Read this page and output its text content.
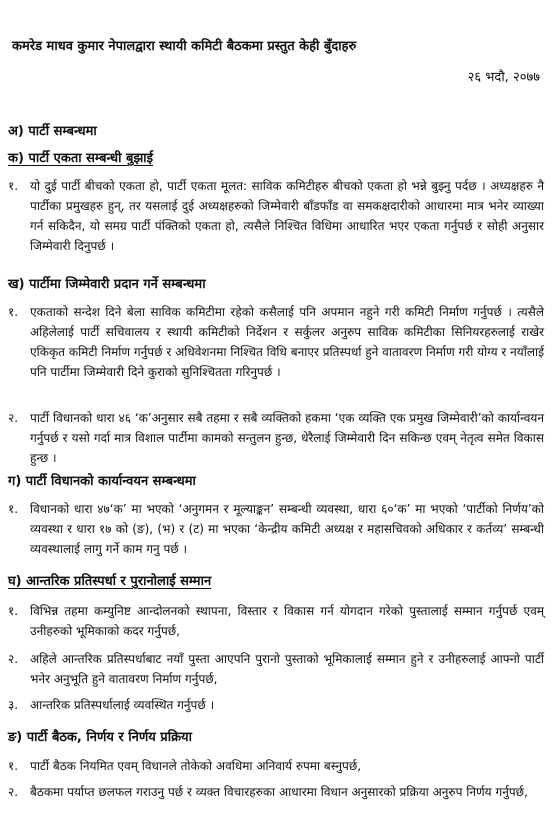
कमरेड माधव कुमार नेपालद्वारा स्थायी कमिटी बैठकमा प्रस्तुत केही बुँदाहरु
२६ भदौ, २०७७
अ) पार्टी सम्बन्धमा
क) पार्टी एकता सम्बन्धी बुझाई
१. यो दुई पार्टी बीचको एकता हो, पार्टी एकता मूलत: साविक कमिटीहरु बीचको एकता हो भन्ने बुझ्नु पर्दछ । अध्यक्षहरु नै पार्टीका प्रमुखहरु हुन्, तर यसलाई दुई अध्यक्षहरुको जिम्मेवारी बाँडफाँड वा समकक्षदारीको आधारमा मात्र भनेर व्याख्या गर्न सकिदैन, यो समग्र पार्टी पंक्तिको एकता हो, त्यसैले निश्चित विधिमा आधारित भएर एकता गर्नुपर्छ र सोही अनुसार जिम्मेवारी दिनुपर्छ ।
ख) पार्टीमा जिम्मेवारी प्रदान गर्ने सम्बन्धमा
१. एकताको सन्देश दिने बेला साविक कमिटीमा रहेको कसैलाई पनि अपमान नहुने गरी कमिटी निर्माण गर्नुपर्छ । त्यसैले अहिलेलाई पार्टी सचिवालय र स्थायी कमिटीको निर्देशन र सर्कुलर अनुरुप साविक कमिटीका सिनियरहरुलाई राखेर एकिकृत कमिटी निर्माण गर्नुपर्छ र अधिवेशनमा निश्चित विधि बनाएर प्रतिस्पर्धा हुने वातावरण निर्माण गरी योग्य र नयाँलाई पनि पार्टीमा जिम्मेवारी दिने कुराको सुनिश्चितता गरिनुपर्छ ।
२. पार्टी विधानको धारा ४६ ‘क’अनुसार सबै तहमा र सबै व्यक्तिको हकमा ‘एक व्यक्ति एक प्रमुख जिम्मेवारी’को कार्यान्वयन गर्नुपर्छ र यसो गर्दा मात्र विशाल पार्टीमा कामको सन्तुलन हुन्छ, धेरैलाई जिम्मेवारी दिन सकिन्छ एवम् नेतृत्व समेत विकास हुन्छ ।
ग) पार्टी विधानको कार्यान्वयन सम्बन्धमा
१. विधानको धारा ४७‘क’ मा भएको ‘अनुगमन र मूल्याङ्कन’ सम्बन्धी व्यवस्था, धारा ६०‘क’ मा भएको ‘पार्टीको निर्णय’को व्यवस्था र धारा १७ को (ङ), (भ) र (ट) मा भएका ‘केन्द्रीय कमिटी अध्यक्ष र महासचिवको अधिकार र कर्तव्य’ सम्बन्धी व्यवस्थालाई लागु गर्ने काम गनु पर्छ ।
घ) आन्तरिक प्रतिस्पर्धा र पुरानोलाई सम्मान
१. विभिन्न तहमा कम्युनिष्ट आन्दोलनको स्थापना, विस्तार र विकास गर्न योगदान गरेको पुस्तालाई सम्मान गर्नुपर्छ एवम् उनीहरुको भूमिकाको कदर गर्नुपर्छ,
२. अहिले आन्तरिक प्रतिस्पर्धाबाट नयाँ पुस्ता आएपनि पुरानो पुस्ताको भूमिकालाई सम्मान हुने र उनीहरुलाई आफ्नो पार्टी भनेर अनुभूति हुने वातावरण निर्माण गर्नुपर्छ,
३. आन्तरिक प्रतिस्पर्धालाई व्यवस्थित गर्नुपर्छ ।
ङ) पार्टी बैठक, निर्णय र निर्णय प्रक्रिया
१. पार्टी बैठक नियमित एवम् विधानले तोकेको अवधिमा अनिवार्य रुपमा बस्नुपर्छ,
२. बैठकमा पर्याप्त छलफल गराउनु पर्छ र व्यक्त विचारहरुका आधारमा विधान अनुसारको प्रक्रिया अनुरुप निर्णय गर्नुपर्छ,
